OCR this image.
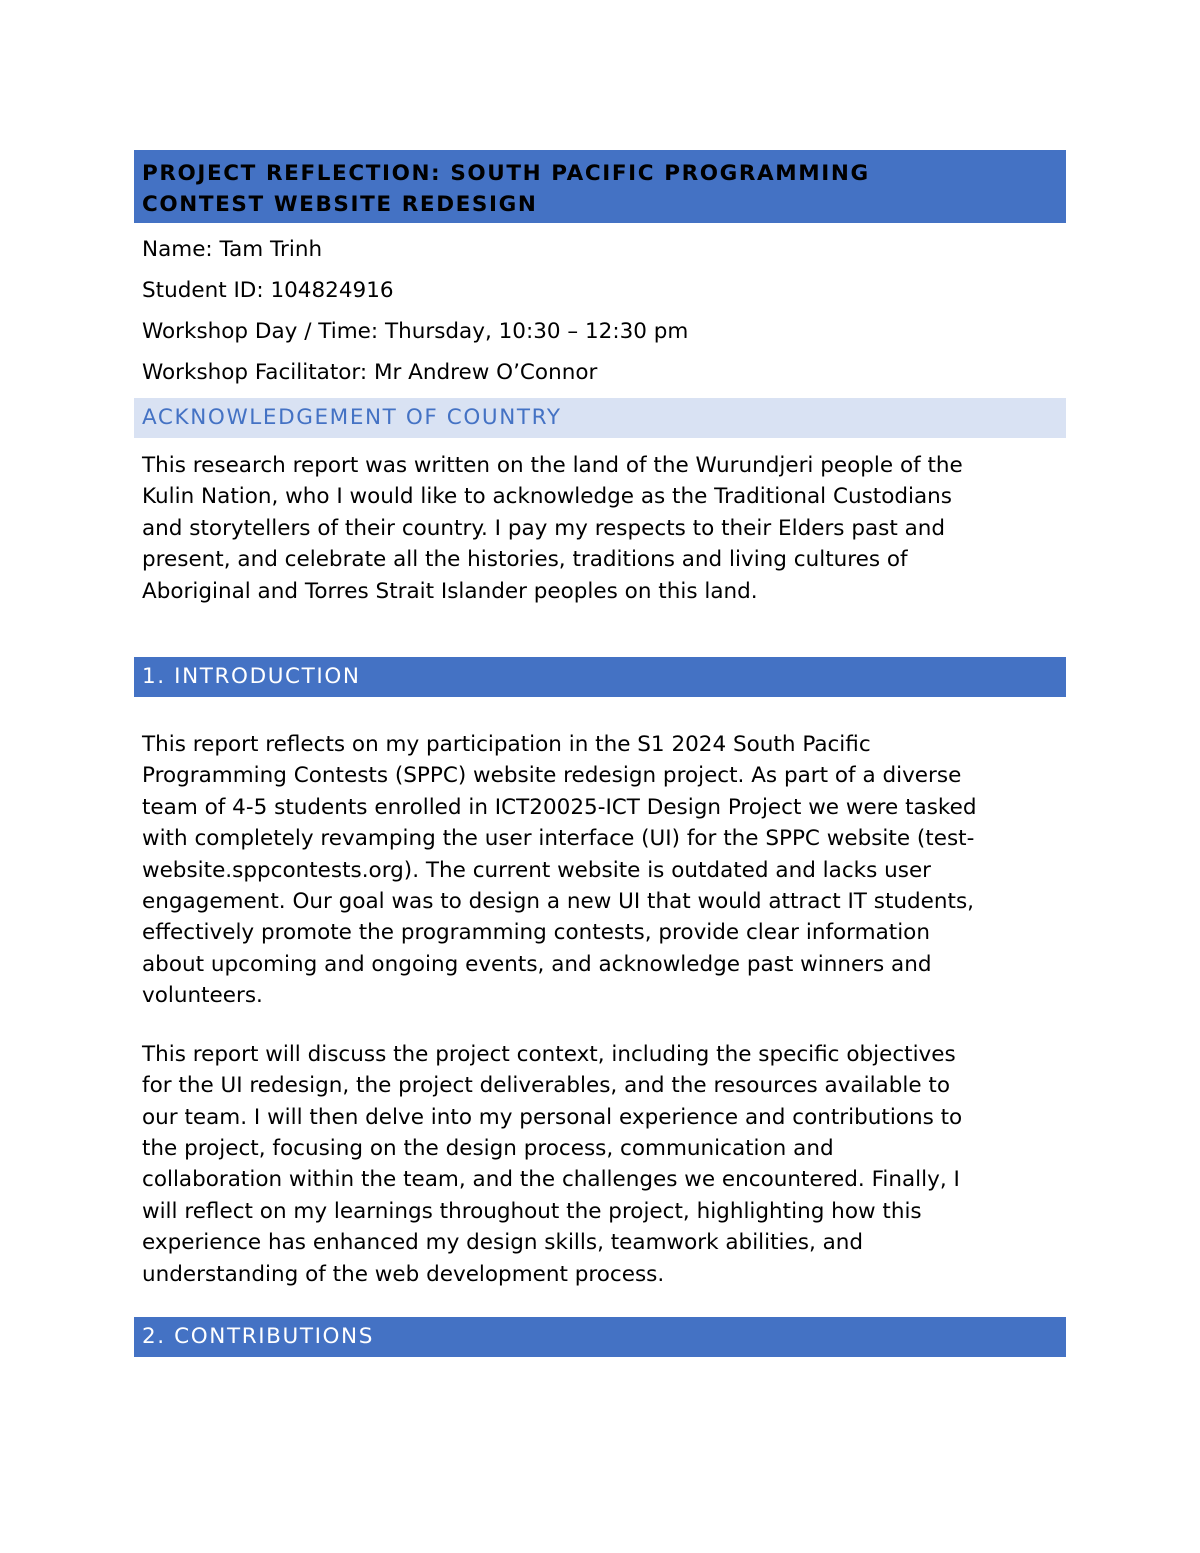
PROJECT REFLECTION: SOUTH PACIFIC PROGRAMMING
CONTEST WEBSITE REDESIGN

Name: Tam Trinh

Student ID: 104824916

Workshop Day / Time: Thursday, 10:30 – 12:30 pm

Workshop Facilitator: Mr Andrew O’Connor

ACKNOWLEDGEMENT OF COUNTRY

This research report was written on the land of the Wurundjeri people of the
Kulin Nation, who I would like to acknowledge as the Traditional Custodians
and storytellers of their country. I pay my respects to their Elders past and
present, and celebrate all the histories, traditions and living cultures of
Aboriginal and Torres Strait Islander peoples on this land.

1. INTRODUCTION

This report reflects on my participation in the S1 2024 South Pacific
Programming Contests (SPPC) website redesign project. As part of a diverse
team of 4-5 students enrolled in ICT20025-ICT Design Project we were tasked
with completely revamping the user interface (UI) for the SPPC website (test-
website.sppcontests.org). The current website is outdated and lacks user
engagement. Our goal was to design a new UI that would attract IT students,
effectively promote the programming contests, provide clear information
about upcoming and ongoing events, and acknowledge past winners and
volunteers.

This report will discuss the project context, including the specific objectives
for the UI redesign, the project deliverables, and the resources available to
our team. I will then delve into my personal experience and contributions to
the project, focusing on the design process, communication and
collaboration within the team, and the challenges we encountered. Finally, I
will reflect on my learnings throughout the project, highlighting how this
experience has enhanced my design skills, teamwork abilities, and
understanding of the web development process.

2. CONTRIBUTIONS
